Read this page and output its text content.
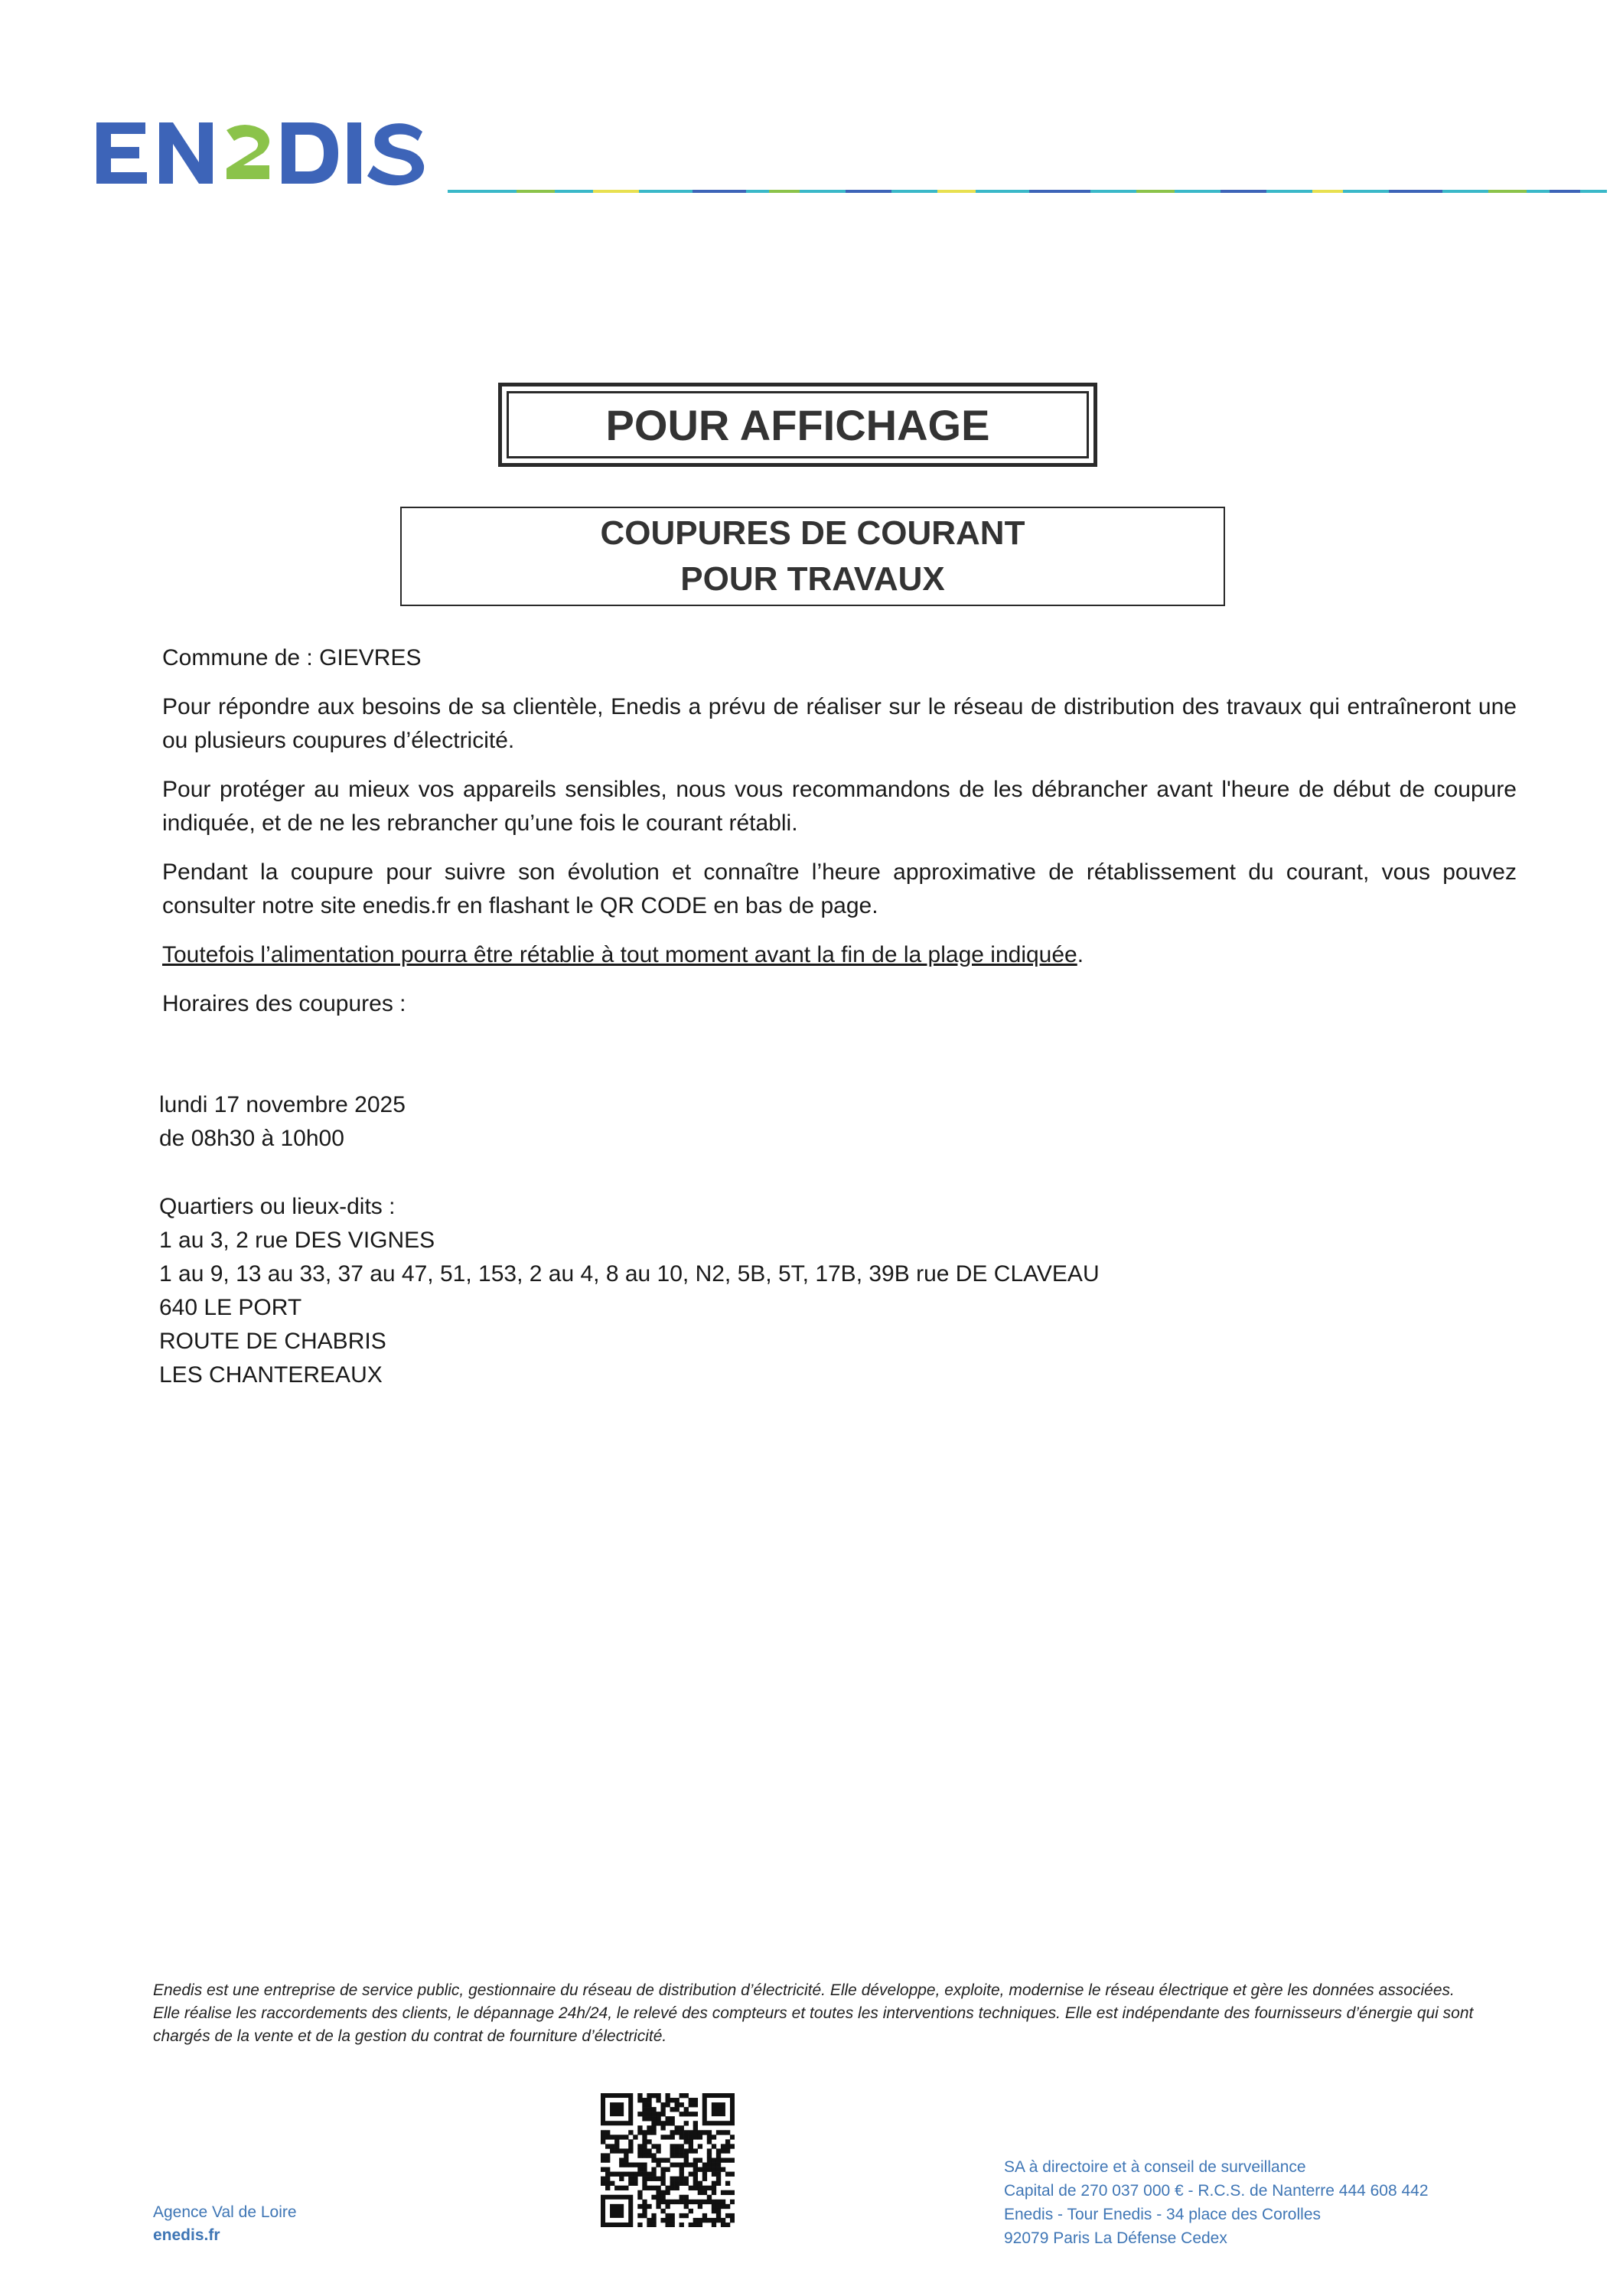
POUR AFFICHAGE
COUPURES DE COURANT
POUR TRAVAUX

Commune de : GIEVRES

Pour répondre aux besoins de sa clientèle, Enedis a prévu de réaliser sur le réseau de distribution des travaux qui entraîneront une ou plusieurs coupures d’électricité.

Pour protéger au mieux vos appareils sensibles, nous vous recommandons de les débrancher avant l'heure de début de coupure indiquée, et de ne les rebrancher qu’une fois le courant rétabli.

Pendant la coupure pour suivre son évolution et connaître l’heure approximative de rétablissement du courant, vous pouvez consulter notre site enedis.fr en flashant le QR CODE en bas de page.

Toutefois l’alimentation pourra être rétablie à tout moment avant la fin de la plage indiquée.

Horaires des coupures :

lundi 17 novembre 2025
de 08h30 à 10h00
Quartiers ou lieux-dits :
1 au 3, 2 rue DES VIGNES
1 au 9, 13 au 33, 37 au 47, 51, 153, 2 au 4, 8 au 10, N2, 5B, 5T, 17B, 39B rue DE CLAVEAU
640 LE PORT
ROUTE DE CHABRIS
LES CHANTEREAUX
Enedis est une entreprise de service public, gestionnaire du réseau de distribution d’électricité. Elle développe, exploite, modernise le réseau électrique et gère les données associées. Elle réalise les raccordements des clients, le dépannage 24h/24, le relevé des compteurs et toutes les interventions techniques. Elle est indépendante des fournisseurs d’énergie qui sont chargés de la vente et de la gestion du contrat de fourniture d’électricité.
Agence Val de Loire
enedis.fr
SA à directoire et à conseil de surveillance
Capital de 270 037 000 € - R.C.S. de Nanterre 444 608 442
Enedis - Tour Enedis - 34 place des Corolles
92079 Paris La Défense Cedex
